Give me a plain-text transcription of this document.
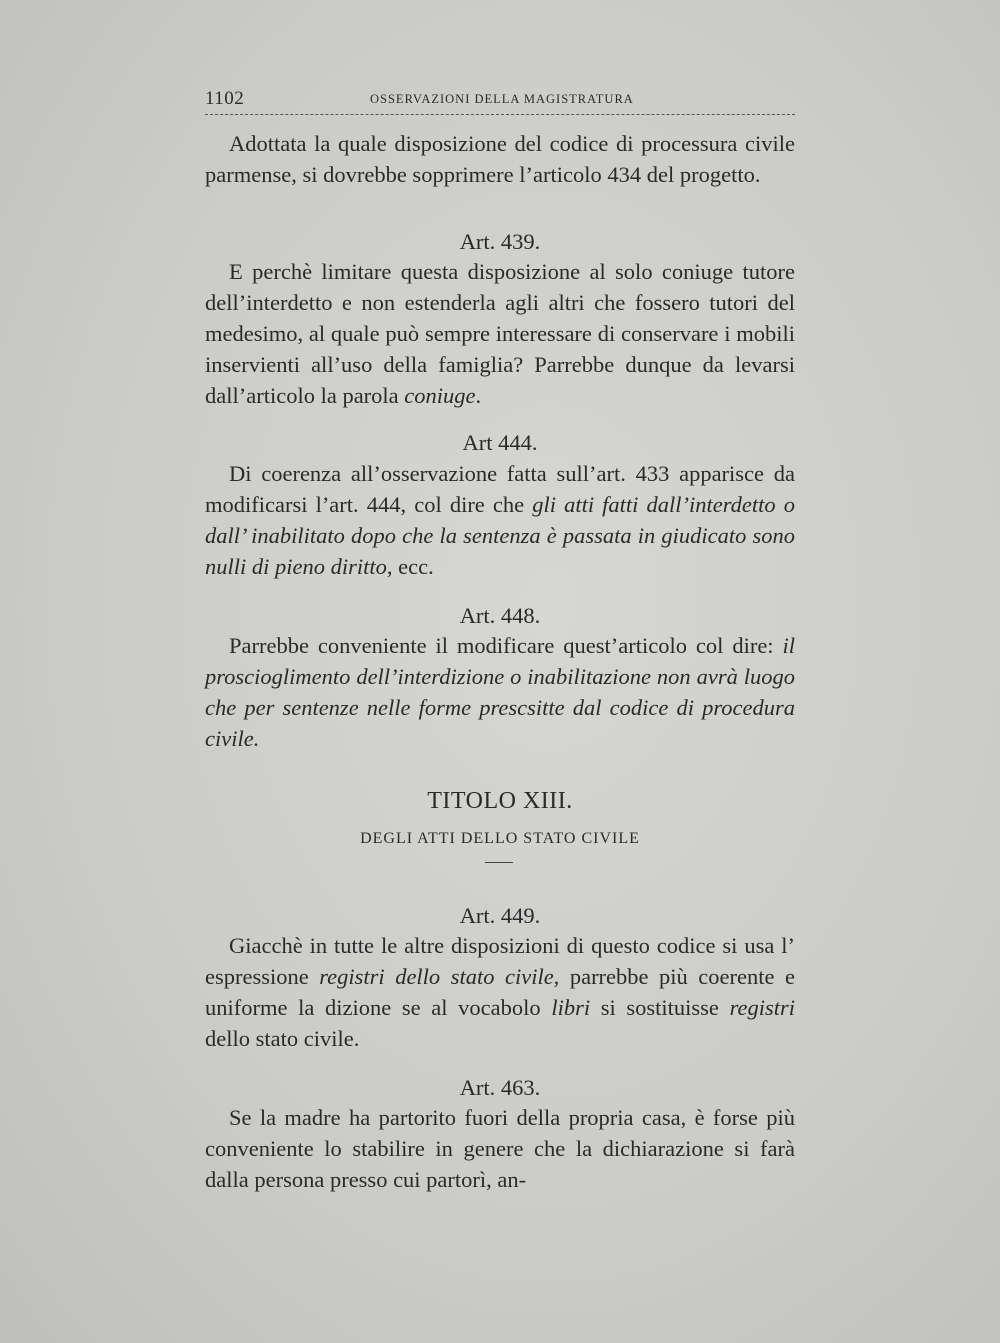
1102	OSSERVAZIONI DELLA MAGISTRATURA

Adottata la quale disposizione del codice di processura civile parmense, si dovrebbe sopprimere l’articolo 434 del progetto.

Art. 439.

E perchè limitare questa disposizione al solo coniuge tutore dell’interdetto e non estenderla agli altri che fossero tutori del medesimo, al quale può sempre interessare di conservare i mobili inservienti all’uso della famiglia? Parrebbe dunque da levarsi dall’articolo la parola coniuge.

Art 444.

Di coerenza all’osservazione fatta sull’art. 433 apparisce da modificarsi l’art. 444, col dire che gli atti fatti dall’interdetto o dall’ inabilitato dopo che la sentenza è passata in giudicato sono nulli di pieno diritto, ecc.

Art. 448.

Parrebbe conveniente il modificare quest’articolo col dire: il proscioglimento dell’interdizione o inabilitazione non avrà luogo che per sentenze nelle forme prescsitte dal codice di procedura civile.

TITOLO XIII.
DEGLI ATTI DELLO STATO CIVILE
Art. 449.

Giacchè in tutte le altre disposizioni di questo codice si usa l’ espressione registri dello stato civile, parrebbe più coerente e uniforme la dizione se al vocabolo libri si sostituisse registri dello stato civile.

Art. 463.

Se la madre ha partorito fuori della propria casa, è forse più conveniente lo stabilire in genere che la dichiarazione si farà dalla persona presso cui partorì, an-
